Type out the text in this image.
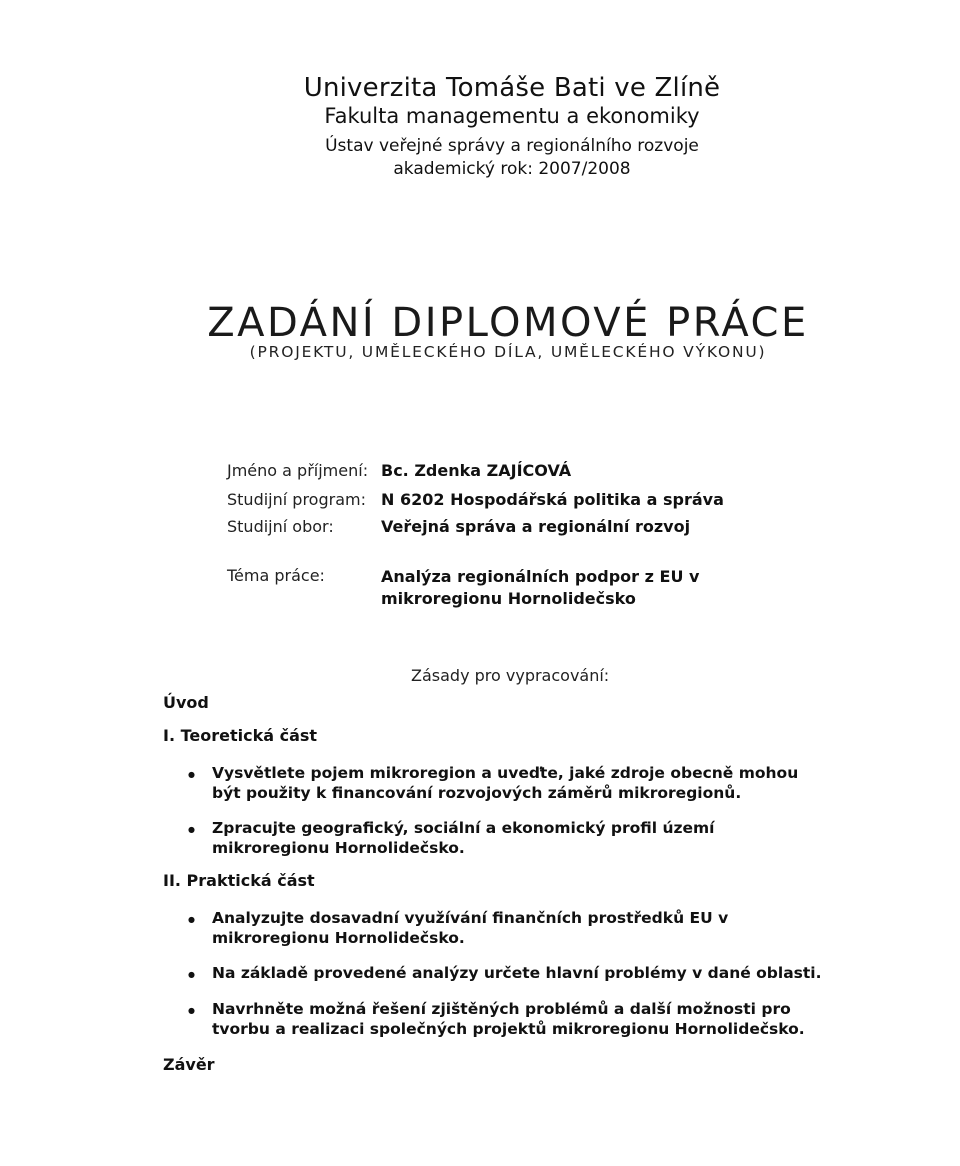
Univerzita Tomáše Bati ve Zlíně
Fakulta managementu a ekonomiky
Ústav veřejné správy a regionálního rozvoje
akademický rok: 2007/2008
ZADÁNÍ DIPLOMOVÉ PRÁCE
(PROJEKTU, UMĚLECKÉHO DÍLA, UMĚLECKÉHO VÝKONU)
Jméno a příjmení: Bc. Zdenka ZAJÍCOVÁ
Studijní program: N 6202 Hospodářská politika a správa
Studijní obor:	Veřejná správa a regionální rozvoj
Téma práce:	Analýza regionálních podpor z EU v mikroregionu Hornolidečsko
Zásady pro vypracování:
Úvod
I. Teoretická část
● Vysvětlete pojem mikroregion a uveďte, jaké zdroje obecně mohou být použity k financování rozvojových záměrů mikroregionů.
● Zpracujte geografický, sociální a ekonomický profil území mikroregionu Hornolidečsko.
II. Praktická část
● Analyzujte dosavadní využívání finančních prostředků EU v mikroregionu Hornolidečsko.
● Na základě provedené analýzy určete hlavní problémy v dané oblasti.
● Navrhněte možná řešení zjištěných problémů a další možnosti pro tvorbu a realizaci společných projektů mikroregionu Hornolidečsko.
Závěr
